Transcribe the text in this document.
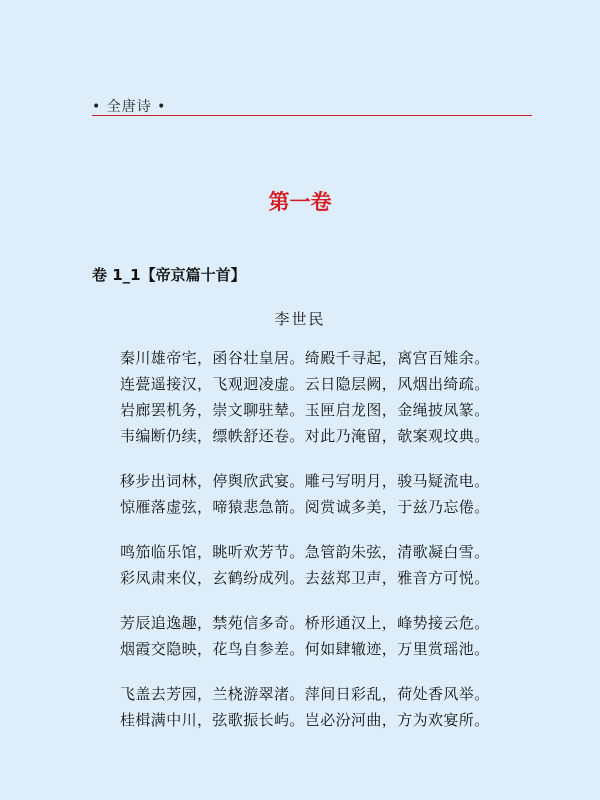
• 全唐诗 •
第一卷
卷 1_1【帝京篇十首】
李世民
秦川雄帝宅，函谷壮皇居。绮殿千寻起，离宫百雉余。
连甍遥接汉，飞观迥凌虚。云日隐层阙，风烟出绮疏。
岩廊罢机务，崇文聊驻辇。玉匣启龙图，金绳披凤篆。
韦编断仍续，缥帙舒还卷。对此乃淹留，欹案观坟典。
移步出词林，停舆欣武宴。雕弓写明月，骏马疑流电。
惊雁落虚弦，啼猿悲急箭。阅赏诚多美，于兹乃忘倦。
鸣笳临乐馆，眺听欢芳节。急管韵朱弦，清歌凝白雪。
彩凤肃来仪，玄鹤纷成列。去兹郑卫声，雅音方可悦。
芳辰追逸趣，禁苑信多奇。桥形通汉上，峰势接云危。
烟霞交隐映，花鸟自参差。何如肆辙迹，万里赏瑶池。
飞盖去芳园，兰桡游翠渚。萍间日彩乱，荷处香风举。
桂楫满中川，弦歌振长屿。岂必汾河曲，方为欢宴所。
